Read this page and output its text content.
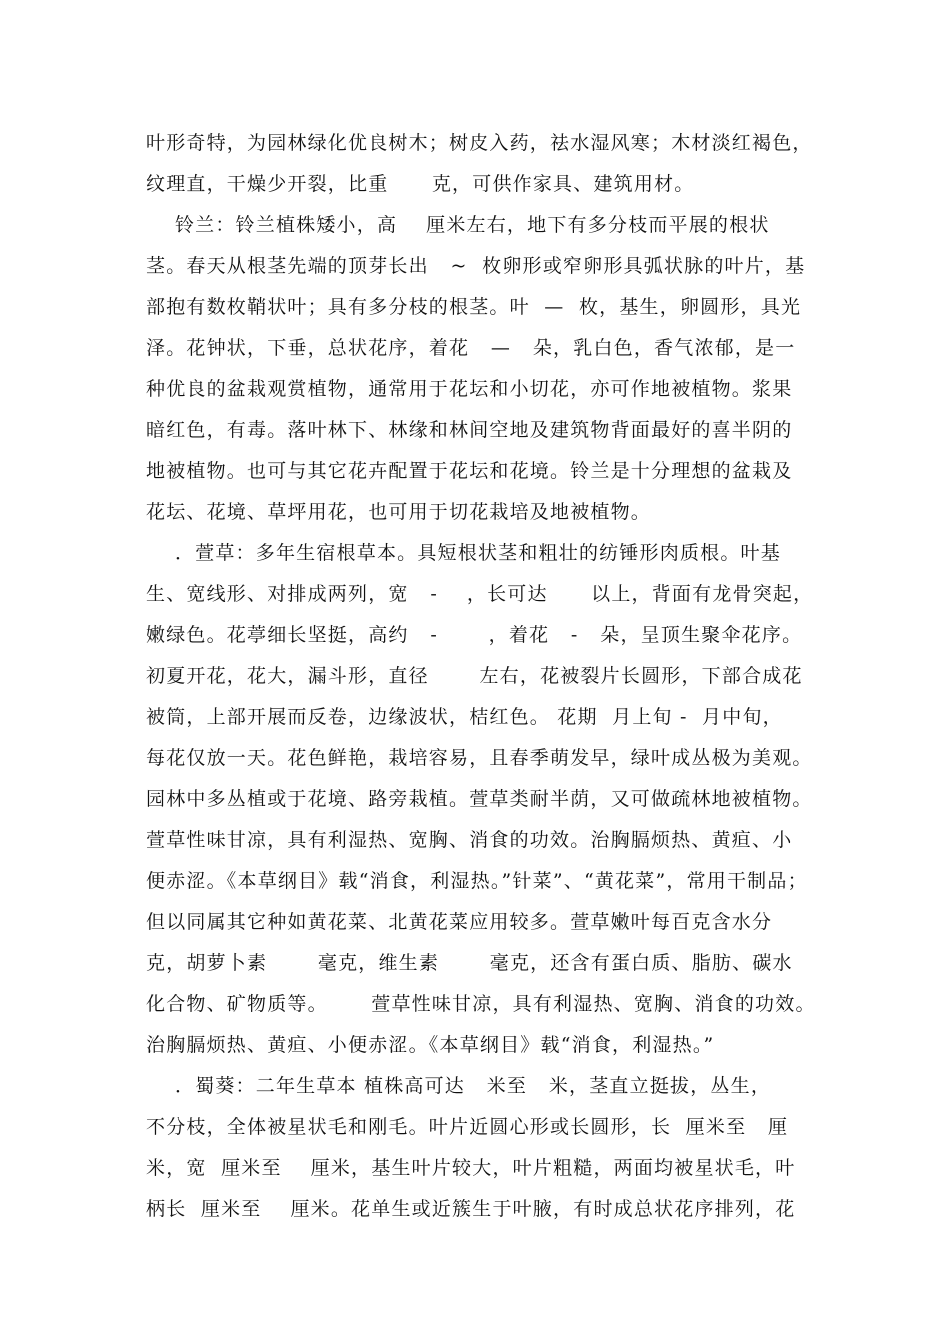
叶形奇特，为园林绿化优良树木；树皮入药，祛水湿风寒；木材淡红褐色，
纹理直，干燥少开裂，比重      克，可供作家具、建筑用材。
铃兰：铃兰植株矮小，高    厘米左右，地下有多分枝而平展的根状
茎。春天从根茎先端的顶芽长出   ~  枚卵形或窄卵形具弧状脉的叶片，基
部抱有数枚鞘状叶；具有多分枝的根茎。叶  —  枚，基生，卵圆形，具光
泽。花钟状，下垂，总状花序，着花   —   朵，乳白色，香气浓郁，是一
种优良的盆栽观赏植物，通常用于花坛和小切花，亦可作地被植物。浆果
暗红色，有毒。落叶林下、林缘和林间空地及建筑物背面最好的喜半阴的
地被植物。也可与其它花卉配置于花坛和花境。铃兰是十分理想的盆栽及
花坛、花境、草坪用花，也可用于切花栽培及地被植物。
．萱草：多年生宿根草本。具短根状茎和粗壮的纺锤形肉质根。叶基
生、宽线形、对排成两列，宽   -    ，长可达      以上，背面有龙骨突起，
嫩绿色。花葶细长坚挺，高约   -       ，着花   -   朵，呈顶生聚伞花序。
初夏开花，花大，漏斗形，直径       左右，花被裂片长圆形，下部合成花
被筒，上部开展而反卷，边缘波状，桔红色。 花期  月上旬 -  月中旬，
每花仅放一天。花色鲜艳，栽培容易，且春季萌发早，绿叶成丛极为美观。
园林中多丛植或于花境、路旁栽植。萱草类耐半荫，又可做疏林地被植物。
萱草性味甘凉，具有利湿热、宽胸、消食的功效。治胸膈烦热、黄疸、小
便赤涩。《本草纲目》载“消食，利湿热。”针菜”、“黄花菜”，常用干制品；
但以同属其它种如黄花菜、北黄花菜应用较多。萱草嫩叶每百克含水分
克，胡萝卜素       毫克，维生素       毫克，还含有蛋白质、脂肪、碳水
化合物、矿物质等。      萱草性味甘凉，具有利湿热、宽胸、消食的功效。
治胸膈烦热、黄疸、小便赤涩。《本草纲目》载“消食，利湿热。”
．蜀葵：二年生草本 植株高可达   米至   米，茎直立挺拔，丛生，
不分枝，全体被星状毛和刚毛。叶片近圆心形或长圆形，长  厘米至   厘
米，宽  厘米至    厘米，基生叶片较大，叶片粗糙，两面均被星状毛，叶
柄长  厘米至    厘米。花单生或近簇生于叶腋，有时成总状花序排列，花
